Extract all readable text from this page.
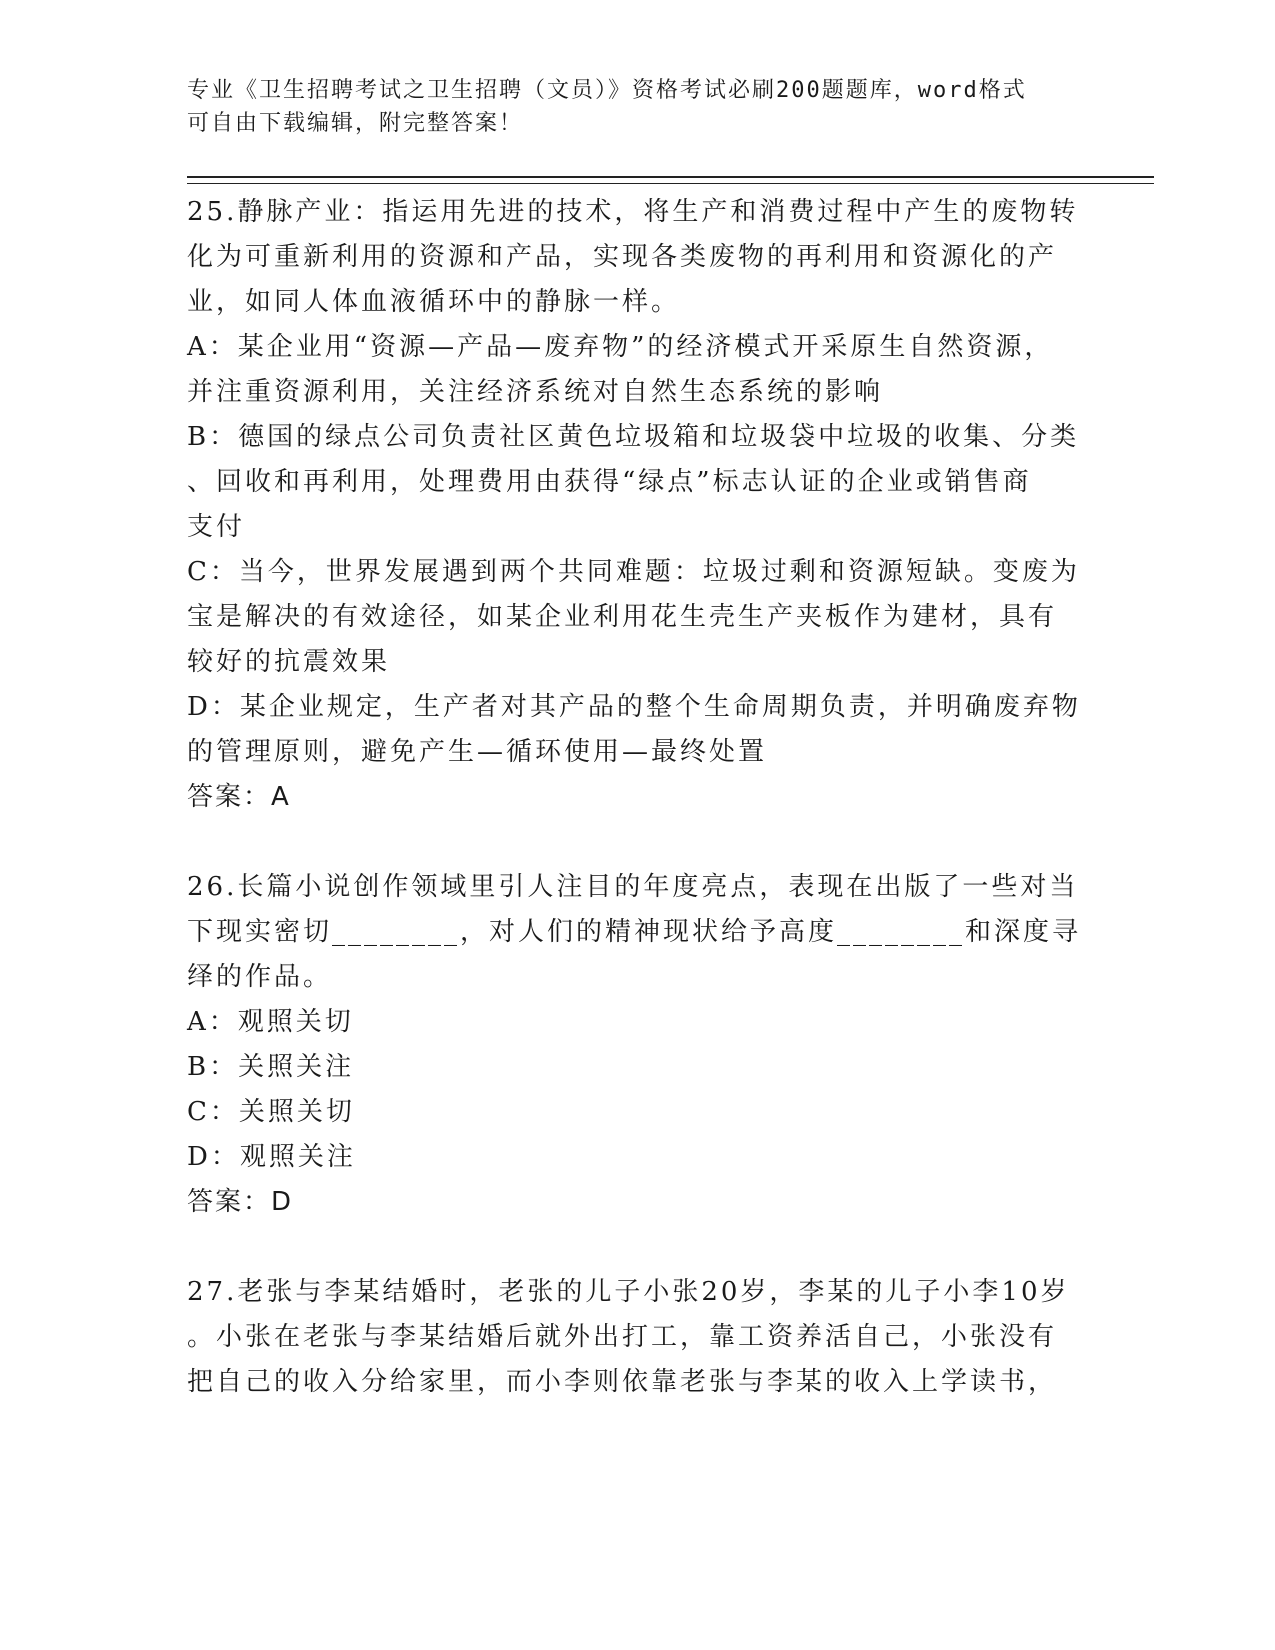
专业《卫生招聘考试之卫生招聘（文员）》资格考试必刷200题题库，word格式
可自由下载编辑，附完整答案！
25.静脉产业：指运用先进的技术，将生产和消费过程中产生的废物转
化为可重新利用的资源和产品，实现各类废物的再利用和资源化的产
业，如同人体血液循环中的静脉一样。
A：某企业用“资源—产品—废弃物”的经济模式开采原生自然资源，
并注重资源利用，关注经济系统对自然生态系统的影响
B：德国的绿点公司负责社区黄色垃圾箱和垃圾袋中垃圾的收集、分类
、回收和再利用，处理费用由获得“绿点”标志认证的企业或销售商
支付
C：当今，世界发展遇到两个共同难题：垃圾过剩和资源短缺。变废为
宝是解决的有效途径，如某企业利用花生壳生产夹板作为建材，具有
较好的抗震效果
D：某企业规定，生产者对其产品的整个生命周期负责，并明确废弃物
的管理原则，避免产生—循环使用—最终处置
答案：A
26.长篇小说创作领域里引人注目的年度亮点，表现在出版了一些对当
下现实密切________，对人们的精神现状给予高度________和深度寻
绎的作品。
A：观照关切
B：关照关注
C：关照关切
D：观照关注
答案：D
27.老张与李某结婚时，老张的儿子小张20岁，李某的儿子小李10岁
。小张在老张与李某结婚后就外出打工，靠工资养活自己，小张没有
把自己的收入分给家里，而小李则依靠老张与李某的收入上学读书，
